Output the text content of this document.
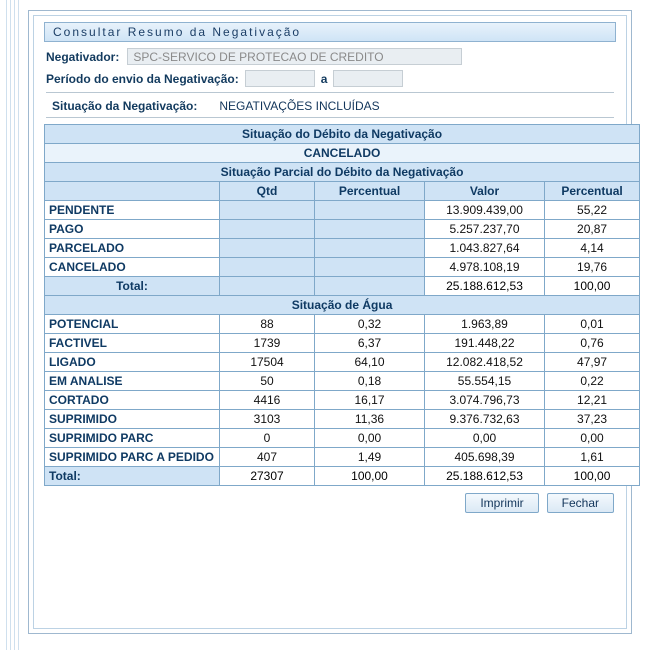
Consultar Resumo da Negativação
Negativador:	SPC-SERVICO DE PROTECAO DE CREDITO
Período do envio da Negativação:	a
Situação da Negativação: NEGATIVAÇÕES INCLUÍDAS
Situação do Débito da Negativação				
CANCELADO				
Situação Parcial do Débito da Negativação				
	Qtd	Percentual	Valor	Percentual
PENDENTE			13.909.439,00	55,22
PAGO			5.257.237,70	20,87
PARCELADO			1.043.827,64	4,14
CANCELADO			4.978.108,19	19,76
Total:			25.188.612,53	100,00
Situação de Água				
POTENCIAL	88	0,32	1.963,89	0,01
FACTIVEL	1739	6,37	191.448,22	0,76
LIGADO	17504	64,10	12.082.418,52	47,97
EM ANALISE	50	0,18	55.554,15	0,22
CORTADO	4416	16,17	3.074.796,73	12,21
SUPRIMIDO	3103	11,36	9.376.732,63	37,23
SUPRIMIDO PARC	0	0,00	0,00	0,00
SUPRIMIDO PARC A PEDIDO	407	1,49	405.698,39	1,61
Total:	27307	100,00	25.188.612,53	100,00
Imprimir	Fechar
